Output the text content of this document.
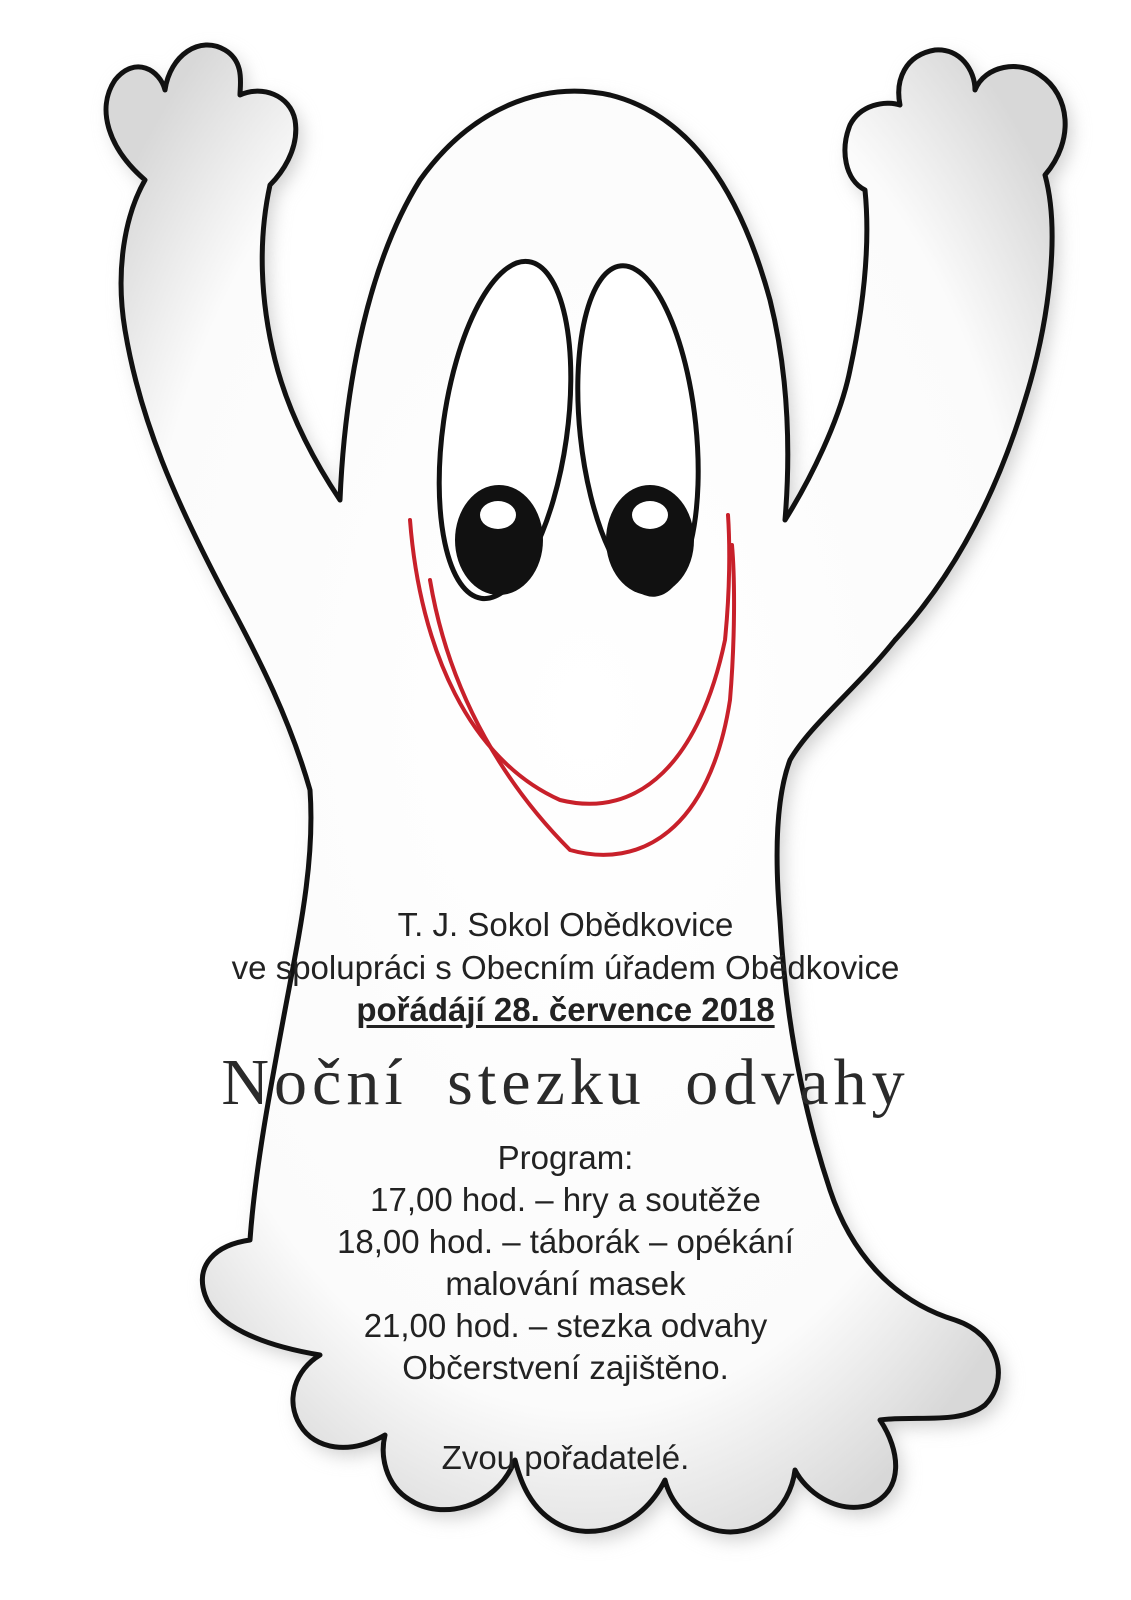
T. J. Sokol Obědkovice
ve spolupráci s Obecním úřadem Obědkovice
pořádájí 28. července 2018
Noční stezku odvahy
Program:
17,00 hod. – hry a soutěže
18,00 hod. – táborák – opékání
malování masek
21,00 hod. – stezka odvahy
Občerstvení zajištěno.
Zvou pořadatelé.
